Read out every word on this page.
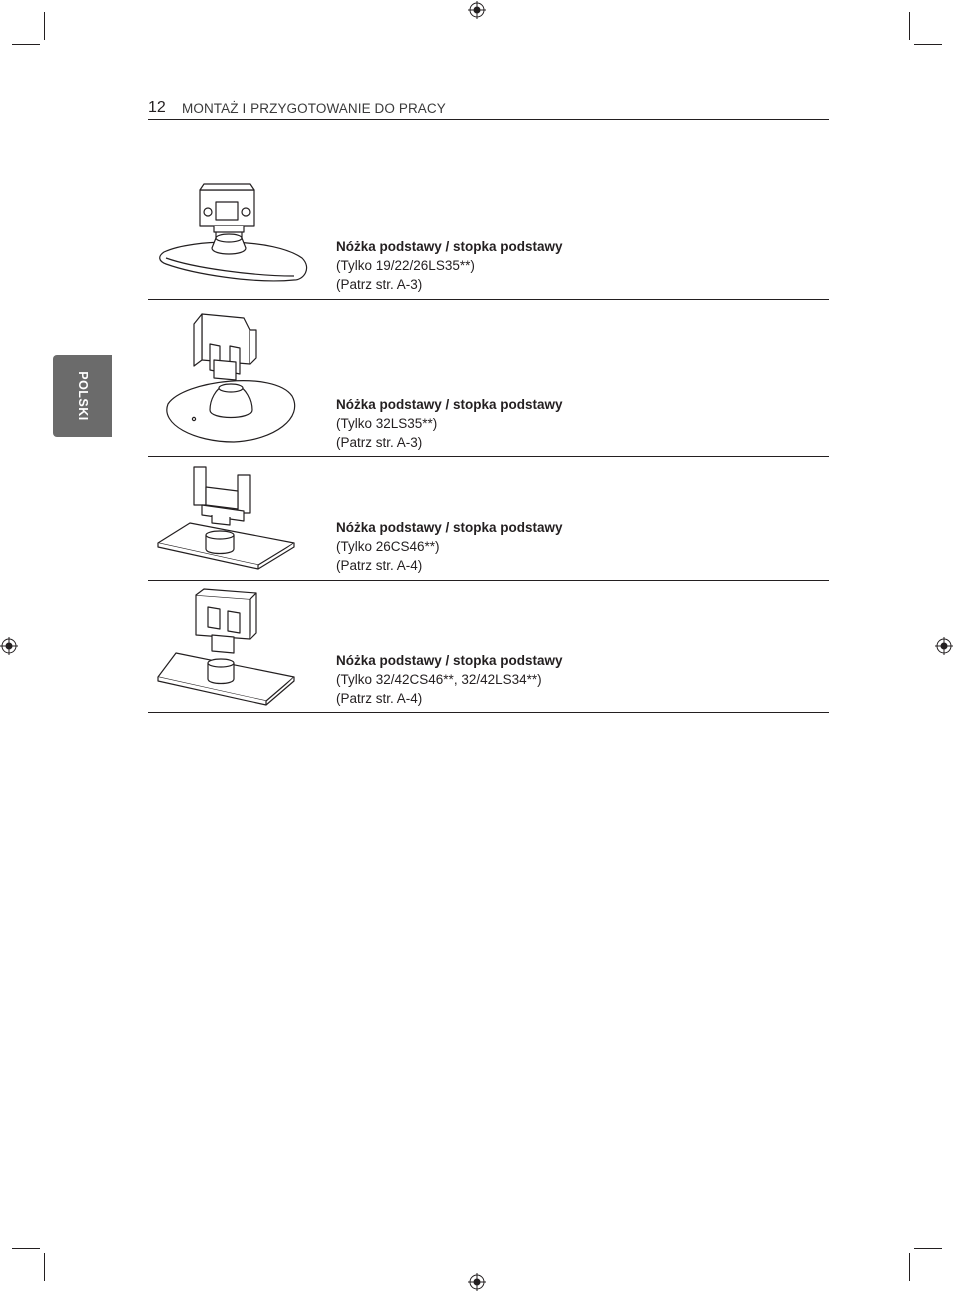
12 MONTAŻ I PRZYGOTOWANIE DO PRACY
POLSKI
Nóżka podstawy / stopka podstawy
(Tylko 19/22/26LS35**)
(Patrz str. A-3)
Nóżka podstawy / stopka podstawy
(Tylko 32LS35**)
(Patrz str. A-3)
Nóżka podstawy / stopka podstawy
(Tylko 26CS46**)
(Patrz str. A-4)
Nóżka podstawy / stopka podstawy
(Tylko 32/42CS46**, 32/42LS34**)
(Patrz str. A-4)
